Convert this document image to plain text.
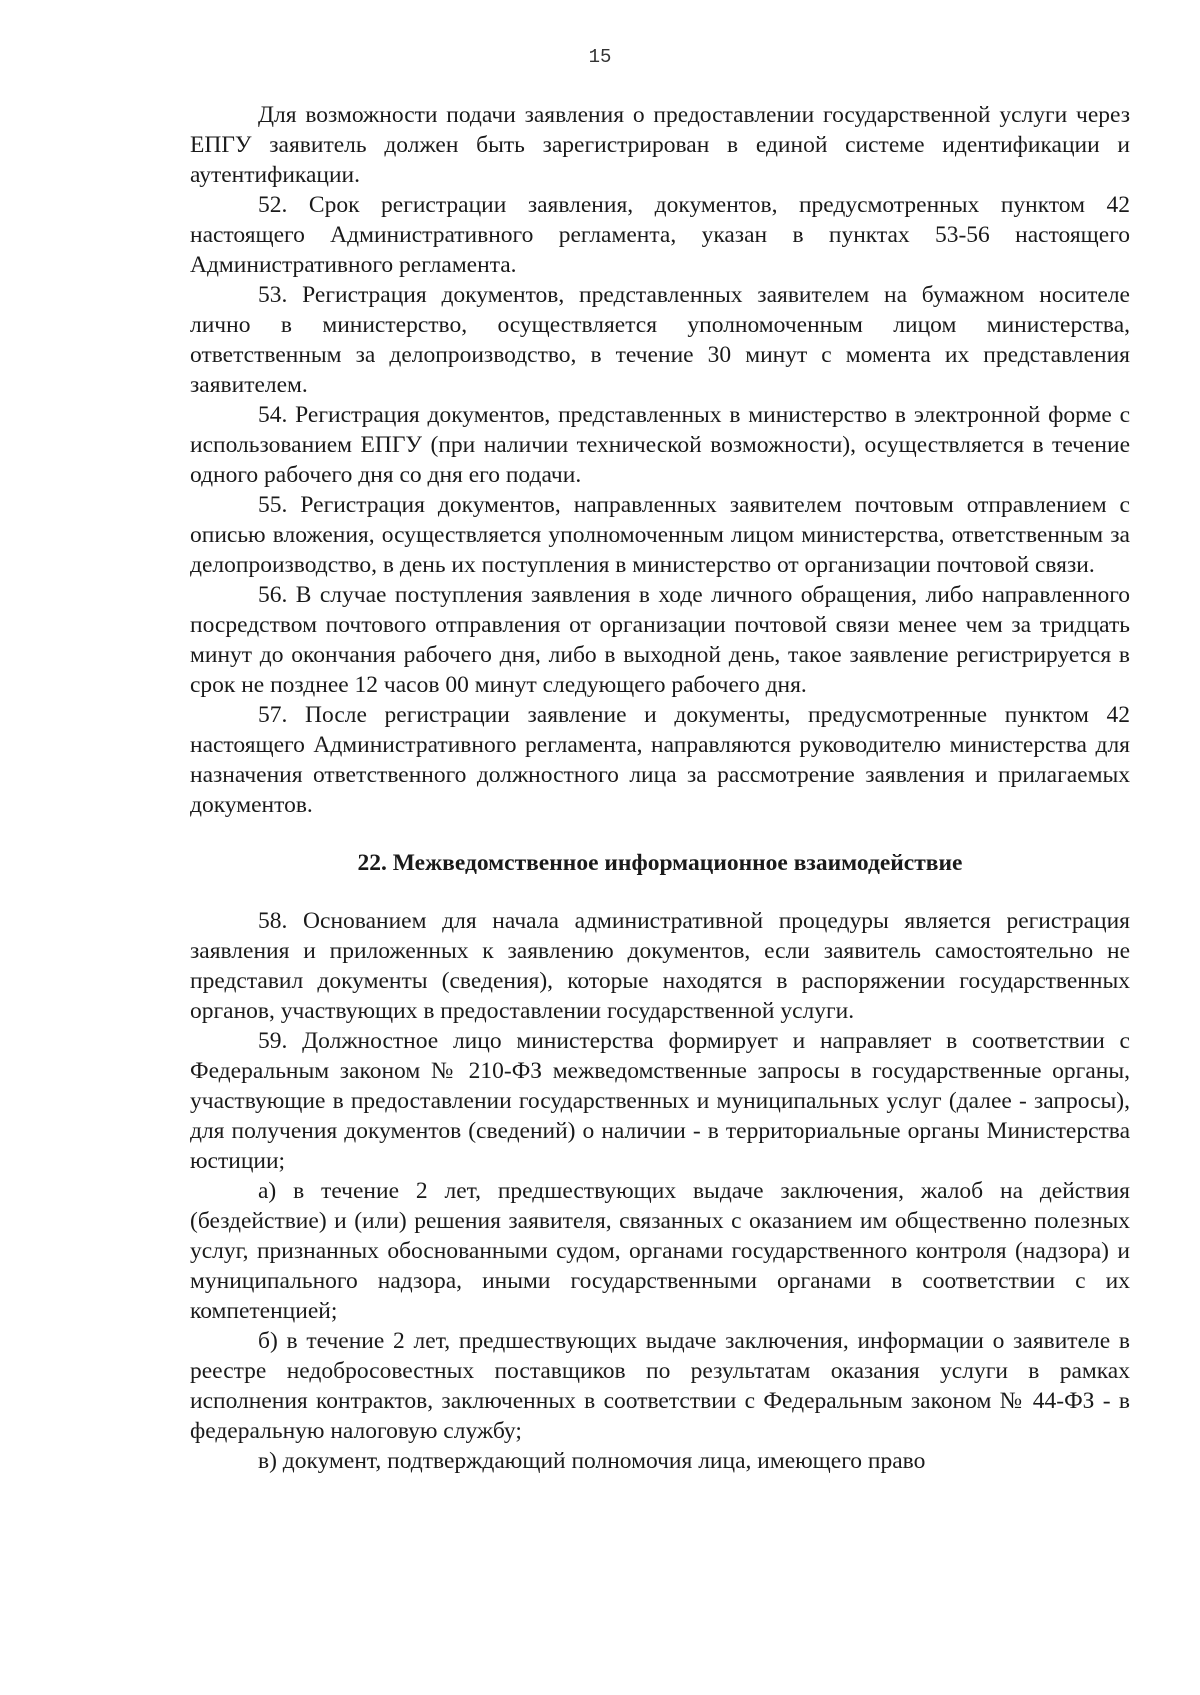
15

Для возможности подачи заявления о предоставлении государственной услуги через ЕПГУ заявитель должен быть зарегистрирован в единой системе идентификации и аутентификации.

52. Срок регистрации заявления, документов, предусмотренных пунктом 42 настоящего Административного регламента, указан в пунктах 53-56 настоящего Административного регламента.

53. Регистрация документов, представленных заявителем на бумажном носителе лично в министерство, осуществляется уполномоченным лицом министерства, ответственным за делопроизводство, в течение 30 минут с момента их представления заявителем.

54. Регистрация документов, представленных в министерство в электронной форме с использованием ЕПГУ (при наличии технической возможности), осуществляется в течение одного рабочего дня со дня его подачи.

55. Регистрация документов, направленных заявителем почтовым отправлением с описью вложения, осуществляется уполномоченным лицом министерства, ответственным за делопроизводство, в день их поступления в министерство от организации почтовой связи.

56. В случае поступления заявления в ходе личного обращения, либо направленного посредством почтового отправления от организации почтовой связи менее чем за тридцать минут до окончания рабочего дня, либо в выходной день, такое заявление регистрируется в срок не позднее 12 часов 00 минут следующего рабочего дня.

57. После регистрации заявление и документы, предусмотренные пунктом 42 настоящего Административного регламента, направляются руководителю министерства для назначения ответственного должностного лица за рассмотрение заявления и прилагаемых документов.

22. Межведомственное информационное взаимодействие

58. Основанием для начала административной процедуры является регистрация заявления и приложенных к заявлению документов, если заявитель самостоятельно не представил документы (сведения), которые находятся в распоряжении государственных органов, участвующих в предоставлении государственной услуги.

59. Должностное лицо министерства формирует и направляет в соответствии с Федеральным законом № 210-ФЗ межведомственные запросы в государственные органы, участвующие в предоставлении государственных и муниципальных услуг (далее - запросы), для получения документов (сведений) о наличии - в территориальные органы Министерства юстиции;

а) в течение 2 лет, предшествующих выдаче заключения, жалоб на действия (бездействие) и (или) решения заявителя, связанных с оказанием им общественно полезных услуг, признанных обоснованными судом, органами государственного контроля (надзора) и муниципального надзора, иными государственными органами в соответствии с их компетенцией;

б) в течение 2 лет, предшествующих выдаче заключения, информации о заявителе в реестре недобросовестных поставщиков по результатам оказания услуги в рамках исполнения контрактов, заключенных в соответствии с Федеральным законом № 44-ФЗ - в федеральную налоговую службу;

в) документ, подтверждающий полномочия лица, имеющего право
